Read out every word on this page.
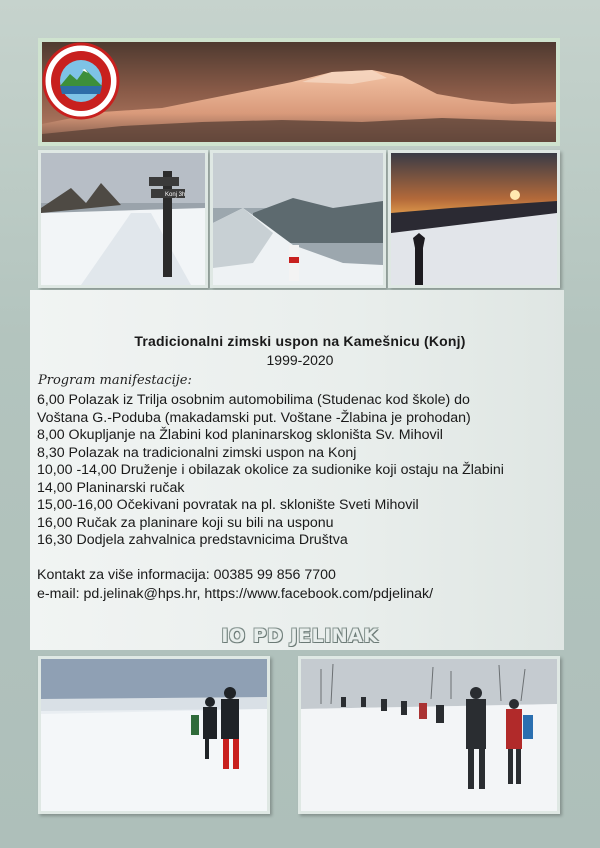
Konj 3h
Tradicionalni zimski uspon na Kamešnicu (Konj)
1999-2020
Program manifestacije:
6,00 Polazak iz Trilja osobnim automobilima (Studenac kod škole) do
Voštana G.-Poduba (makadamski put. Voštane -Žlabina je prohodan)
8,00 Okupljanje na Žlabini kod planinarskog skloništa Sv. Mihovil
8,30 Polazak na tradicionalni zimski uspon na Konj
10,00 -14,00 Druženje i obilazak okolice za sudionike koji ostaju na Žlabini
14,00 Planinarski ručak
15,00-16,00 Očekivani povratak na pl. sklonište Sveti Mihovil
16,00 Ručak za planinare koji su bili na usponu
16,30 Dodjela zahvalnica predstavnicima Društva
Kontakt za više informacija: 00385 99 856 7700
e-mail: pd.jelinak@hps.hr, https://www.facebook.com/pdjelinak/
IO PD JELINAK
